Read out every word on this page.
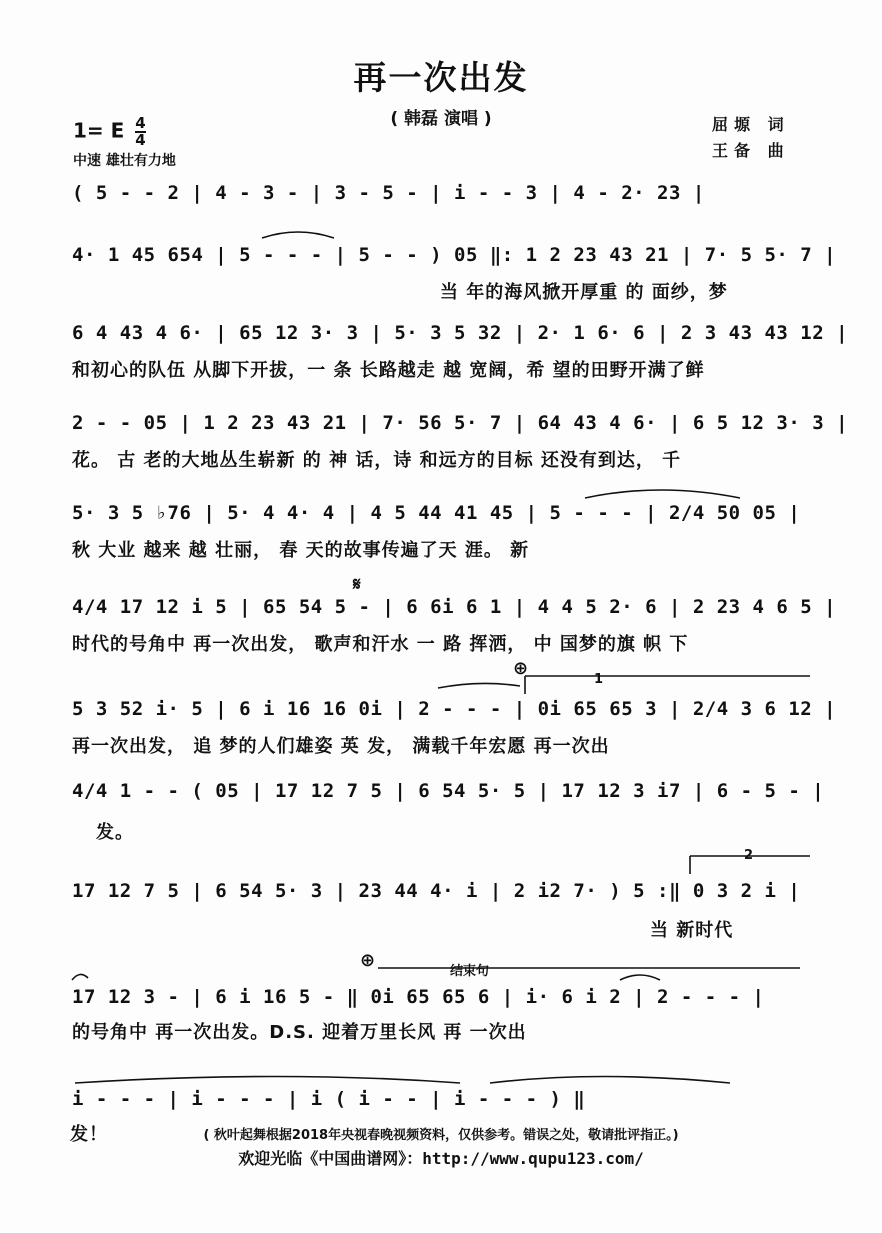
再一次出发
( 韩磊 演唱 )
1= E $\frac{4}{4}$
中速 雄壮有力地
屈塬 词
王备 曲
( 5 - - 2 | 4 - 3 - | 3 - 5 - | i - - 3 | 4 - 2· 23 |
4· 1 45 654 | 5 - - - | 5 - - ) 05 ‖: 1 2 23 43 21 | 7· 5 5· 7 |
当 年的海风掀开厚重 的 面纱，梦
6 4 43 4 6· | 65 12 3· 3 | 5· 3 5 32 | 2· 1 6· 6 | 2 3 43 43 12 |
和初心的队伍 从脚下开拔，一 条 长路越走 越 宽阔，希 望的田野开满了鲜
2 - - 05 | 1 2 23 43 21 | 7· 56 5· 7 | 64 43 4 6· | 6 5 12 3· 3 |
花。 古 老的大地丛生崭新 的 神 话，诗 和远方的目标 还没有到达， 千
5· 3 5 ♭76 | 5· 4 4· 4 | 4 5 44 41 45 | 5 - - - | 2/4 50 05 |
秋 大业 越来 越 壮丽， 春 天的故事传遍了天 涯。 新
𝄋
4/4 17 12 i 5 | 65 54 5 - | 6 6i 6 1 | 4 4 5 2· 6 | 2 23 4 6 5 |
时代的号角中 再一次出发， 歌声和汗水 一 路 挥洒， 中 国梦的旗 帜 下
⊕
1
5 3 52 i· 5 | 6 i 16 16 0i | 2 - - - | 0i 65 65 3 | 2/4 3 6 12 |
再一次出发， 追 梦的人们雄姿 英 发， 满载千年宏愿 再一次出
4/4 1 - - ( 05 | 17 12 7 5 | 6 54 5· 5 | 17 12 3 i7 | 6 - 5 - |
发。
2
17 12 7 5 | 6 54 5· 3 | 23 44 4· i | 2 i2 7· ) 5 :‖ 0 3 2 i |
当 新时代
⊕
结束句
17 12 3 - | 6 i 16 5 - ‖ 0i 65 65 6 | i· 6 i 2 | 2 - - - |
的号角中 再一次出发。D.S. 迎着万里长风 再 一次出
i - - - | i - - - | i ( i - - | i - - - ) ‖
发！	( 秋叶起舞根据2018年央视春晚视频资料，仅供参考。错误之处，敬请批评指正。)
欢迎光临《中国曲谱网》：http://www.qupu123.com/
